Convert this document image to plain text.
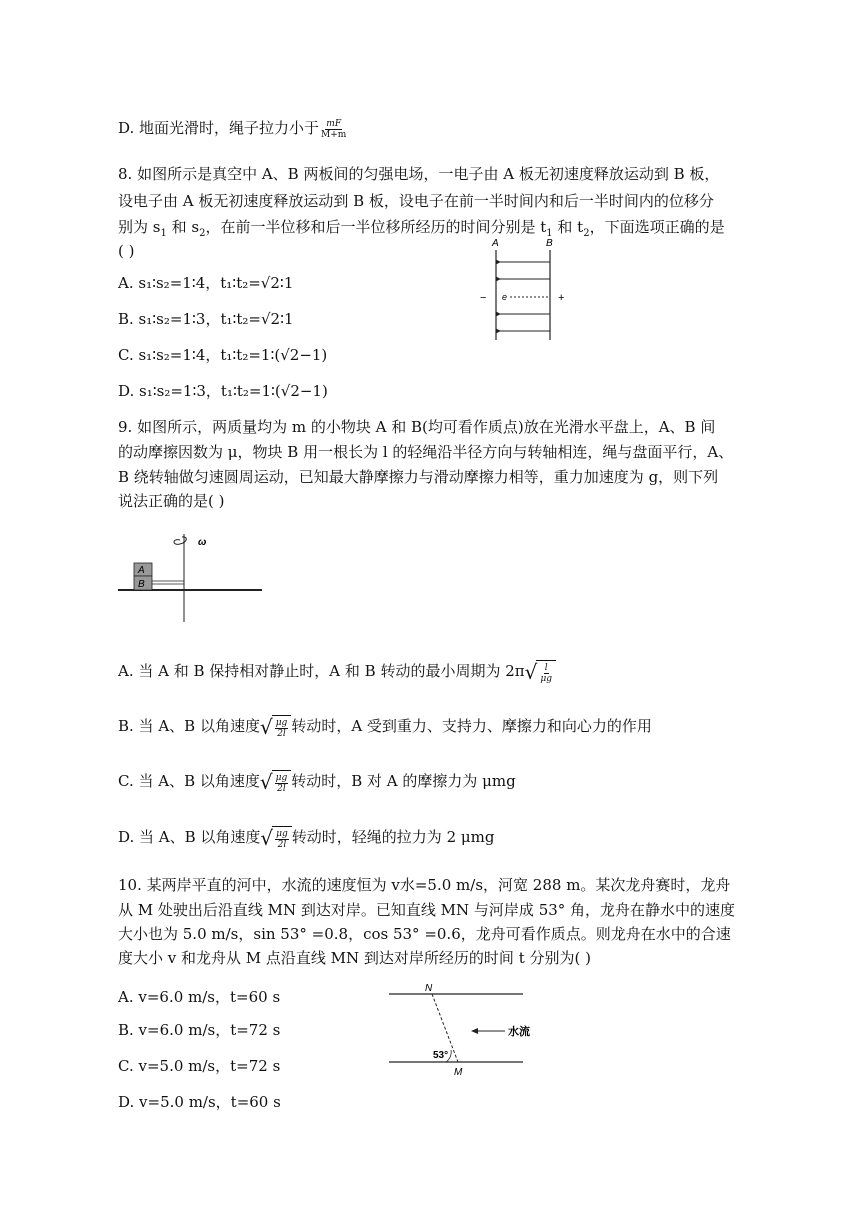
D. 地面光滑时，绳子拉力小于 $\frac{mF}{M+m}$
8. 如图所示是真空中 A、B 两板间的匀强电场，一电子由 A 板无初速度释放运动到 B 板，
设电子由 A 板无初速度释放运动到 B 板，设电子在前一半时间内和后一半时间内的位移分
别为 $s_1$ 和 $s_2$，在前一半位移和后一半位移所经历的时间分别是 $t_1$ 和 $t_2$，下面选项正确的是
( )
A. s₁∶s₂=1∶4，t₁∶t₂=√2∶1
B. s₁∶s₂=1∶3，t₁∶t₂=√2∶1
C. s₁∶s₂=1∶4，t₁∶t₂=1∶(√2−1)
D. s₁∶s₂=1∶3，t₁∶t₂=1∶(√2−1)
A	B
−	+
e
9. 如图所示，两质量均为 m 的小物块 A 和 B(均可看作质点)放在光滑水平盘上，A、B 间
的动摩擦因数为 μ，物块 B 用一根长为 l 的轻绳沿半径方向与转轴相连，绳与盘面平行，A、
B 绕转轴做匀速圆周运动，已知最大静摩擦力与滑动摩擦力相等，重力加速度为 g，则下列
说法正确的是( )
ω
A
B
A. 当 A 和 B 保持相对静止时，A 和 B 转动的最小周期为 2π √ $\frac{l}{\mu g}$
B. 当 A、B 以角速度 √ $\frac{\mu g}{2l}$ 转动时，A 受到重力、支持力、摩擦力和向心力的作用
C. 当 A、B 以角速度 √ $\frac{\mu g}{2l}$ 转动时，B 对 A 的摩擦力为 μmg
D. 当 A、B 以角速度 √ $\frac{\mu g}{2l}$ 转动时，轻绳的拉力为 2 μmg
10. 某两岸平直的河中，水流的速度恒为 v水=5.0 m/s，河宽 288 m。某次龙舟赛时，龙舟
从 M 处驶出后沿直线 MN 到达对岸。已知直线 MN 与河岸成 53° 角，龙舟在静水中的速度
大小也为 5.0 m/s，sin 53° =0.8，cos 53° =0.6，龙舟可看作质点。则龙舟在水中的合速
度大小 v 和龙舟从 M 点沿直线 MN 到达对岸所经历的时间 t 分别为( )
A. v=6.0 m/s，t=60 s
B. v=6.0 m/s，t=72 s
C. v=5.0 m/s，t=72 s
D. v=5.0 m/s，t=60 s
N
M
53°
水流
